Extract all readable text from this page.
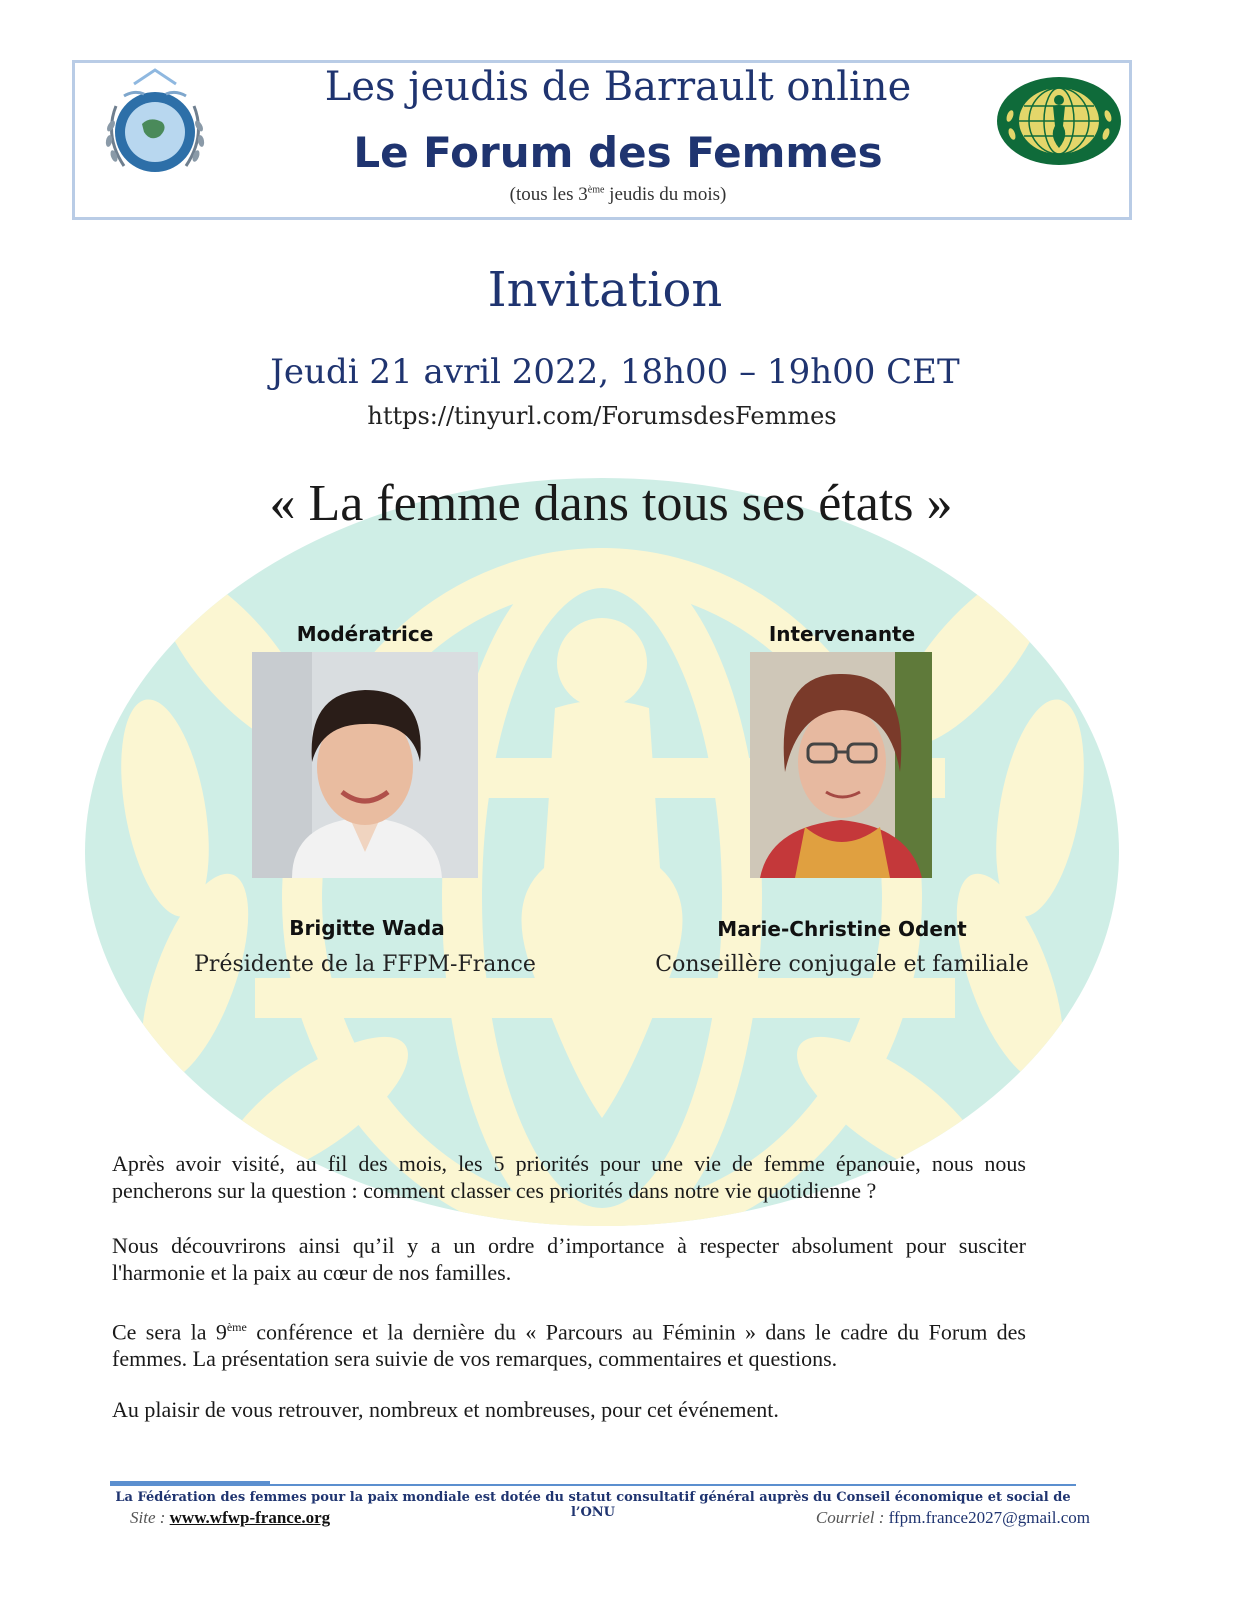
Les jeudis de Barrault online
Le Forum des Femmes
(tous les 3ème jeudis du mois)
Invitation
Jeudi 21 avril 2022, 18h00 – 19h00 CET
https://tinyurl.com/ForumsdesFemmes
« La femme dans tous ses états »
Modératrice
Brigitte Wada
Présidente de la FFPM-France
Intervenante
Marie-Christine Odent
Conseillère conjugale et familiale
Après avoir visité, au fil des mois, les 5 priorités pour une vie de femme épanouie, nous nous pencherons sur la question : comment classer ces priorités dans notre vie quotidienne ?
Nous découvrirons ainsi qu’il y a un ordre d’importance à respecter absolument pour susciter l'harmonie et la paix au cœur de nos familles.
Ce sera la 9ème conférence et la dernière du « Parcours au Féminin » dans le cadre du Forum des femmes. La présentation sera suivie de vos remarques, commentaires et questions.
Au plaisir de vous retrouver, nombreux et nombreuses, pour cet événement.
La Fédération des femmes pour la paix mondiale est dotée du statut consultatif général auprès du Conseil économique et social de l’ONU
Site : www.wfwp-france.org	Courriel : ffpm.france2027@gmail.com
